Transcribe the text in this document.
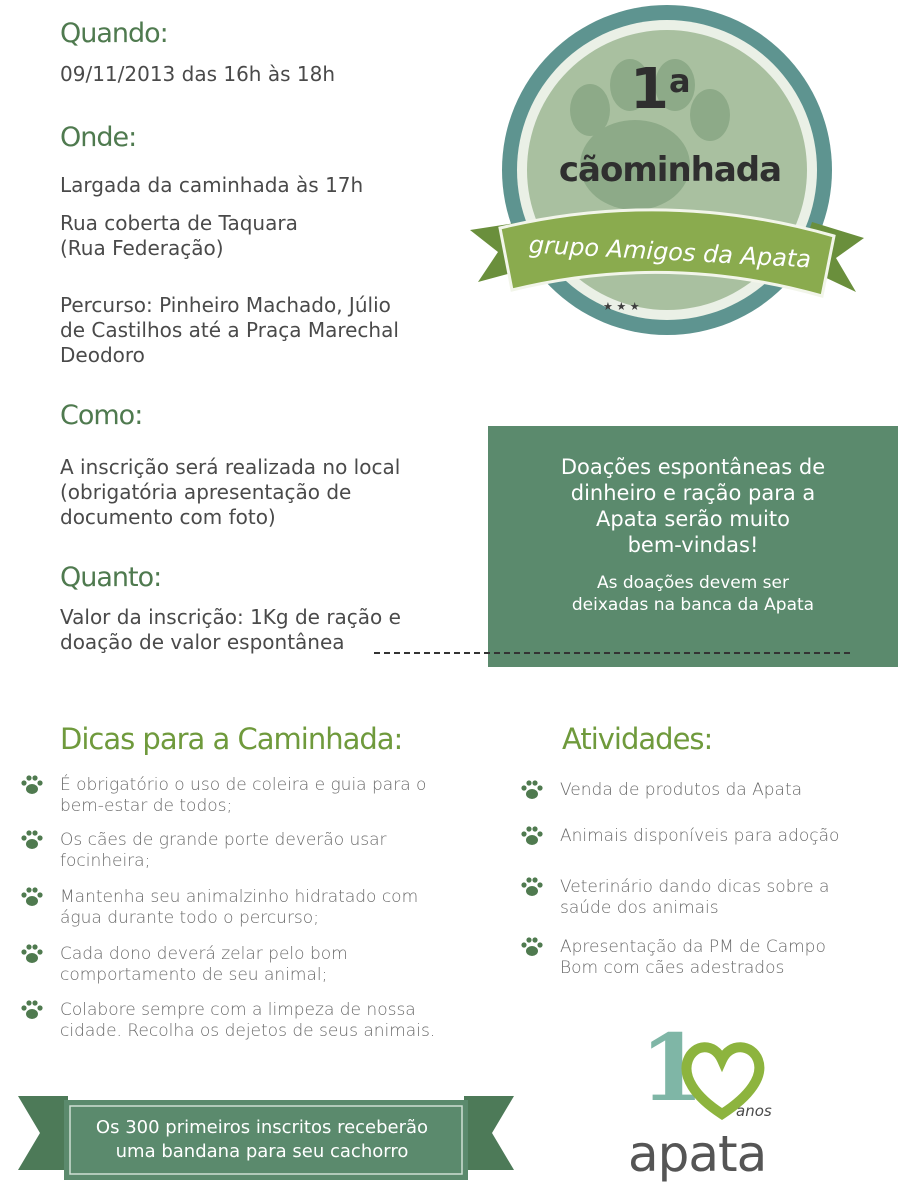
Quando:
09/11/2013 das 16h às 18h
Onde:
Largada da caminhada às 17h
Rua coberta de Taquara
(Rua Federação)
Percurso: Pinheiro Machado, Júlio
de Castilhos até a Praça Marechal
Deodoro
Como:
A inscrição será realizada no local
(obrigatória apresentação de
documento com foto)
Quanto:
Valor da inscrição: 1Kg de ração e
doação de valor espontânea
★ ★ ★
1a
cãominhada
grupo Amigos da Apata
Doações espontâneas de
dinheiro e ração para a
Apata serão muito
bem-vindas!
As doações devem ser
deixadas na banca da Apata
Dicas para a Caminhada:
É obrigatório o uso de coleira e guia para o
bem-estar de todos;
Os cães de grande porte deverão usar
focinheira;
Mantenha seu animalzinho hidratado com
água durante todo o percurso;
Cada dono deverá zelar pelo bom
comportamento de seu animal;
Colabore sempre com a limpeza de nossa
cidade. Recolha os dejetos de seus animais.
Atividades:
Venda de produtos da Apata
Animais disponíveis para adoção
Veterinário dando dicas sobre a
saúde dos animais
Apresentação da PM de Campo
Bom com cães adestrados
Os 300 primeiros inscritos receberão
uma bandana para seu cachorro
1 anos
apata
